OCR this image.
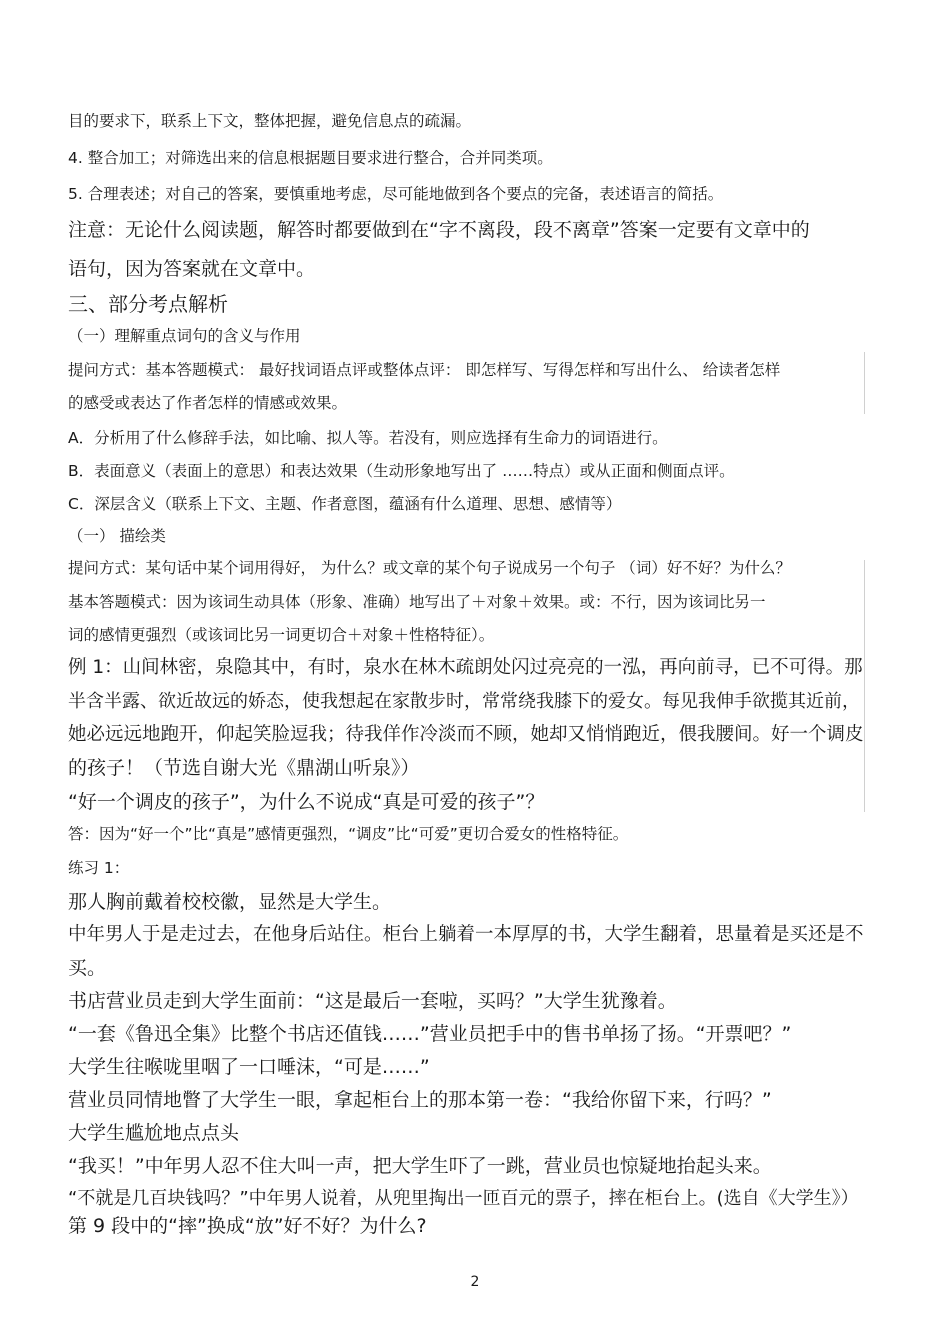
目的要求下，联系上下文，整体把握，避免信息点的疏漏。
4. 整合加工；对筛选出来的信息根据题目要求进行整合，合并同类项。
5. 合理表述；对自己的答案，要慎重地考虑，尽可能地做到各个要点的完备，表述语言的简括。
注意：无论什么阅读题，解答时都要做到在“字不离段，段不离章”答案一定要有文章中的
语句，因为答案就在文章中。
三、部分考点解析
（一）理解重点词句的含义与作用
提问方式：基本答题模式： 最好找词语点评或整体点评： 即怎样写、写得怎样和写出什么、 给读者怎样
的感受或表达了作者怎样的情感或效果。
A．分析用了什么修辞手法，如比喻、拟人等。若没有，则应选择有生命力的词语进行。
B．表面意义（表面上的意思）和表达效果（生动形象地写出了 ……特点）或从正面和侧面点评。
C．深层含义（联系上下文、主题、作者意图，蕴涵有什么道理、思想、感情等）
（一） 描绘类
提问方式：某句话中某个词用得好， 为什么？或文章的某个句子说成另一个句子 （词）好不好？为什么？
基本答题模式：因为该词生动具体（形象、准确）地写出了＋对象＋效果。或：不行，因为该词比另一
词的感情更强烈（或该词比另一词更切合＋对象＋性格特征）。
例 1：山间林密，泉隐其中，有时，泉水在林木疏朗处闪过亮亮的一泓，再向前寻，已不可得。那
半含半露、欲近故远的娇态，使我想起在家散步时，常常绕我膝下的爱女。每见我伸手欲揽其近前，
她必远远地跑开，仰起笑脸逗我；待我佯作冷淡而不顾，她却又悄悄跑近，偎我腰间。好一个调皮
的孩子！（节选自谢大光《鼎湖山听泉》）
“好一个调皮的孩子”，为什么不说成“真是可爱的孩子”？
答：因为“好一个”比“真是”感情更强烈，“调皮”比“可爱”更切合爱女的性格特征。
练习 1：
那人胸前戴着校校徽，显然是大学生。
中年男人于是走过去，在他身后站住。柜台上躺着一本厚厚的书，大学生翻着，思量着是买还是不
买。
书店营业员走到大学生面前：“这是最后一套啦，买吗？”大学生犹豫着。
“一套《鲁迅全集》比整个书店还值钱……”营业员把手中的售书单扬了扬。“开票吧？”
大学生往喉咙里咽了一口唾沫，“可是……”
营业员同情地瞥了大学生一眼，拿起柜台上的那本第一卷：“我给你留下来，行吗？”
大学生尴尬地点点头
“我买！”中年男人忍不住大叫一声，把大学生吓了一跳，营业员也惊疑地抬起头来。
“不就是几百块钱吗？”中年男人说着，从兜里掏出一匝百元的票子，摔在柜台上。(选自《大学生》）
第 9 段中的“摔”换成“放”好不好？为什么?
2
